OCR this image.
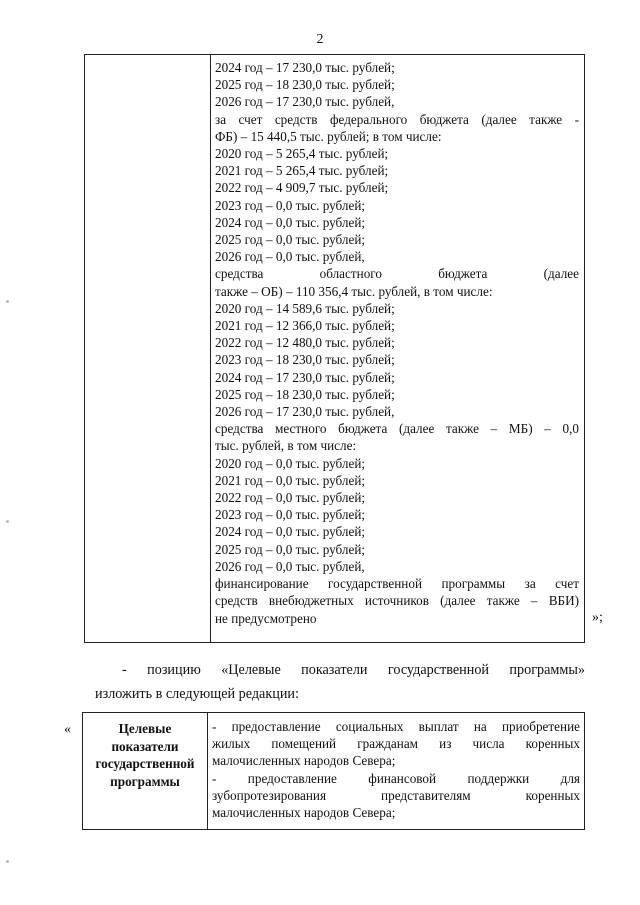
2
2024 год – 17 230,0 тыс. рублей;
2025 год – 18 230,0 тыс. рублей;
2026 год – 17 230,0 тыс. рублей,
за счет средств федерального бюджета (далее также -
ФБ) – 15 440,5 тыс. рублей; в том числе:
2020 год – 5 265,4 тыс. рублей;
2021 год – 5 265,4 тыс. рублей;
2022 год – 4 909,7 тыс. рублей;
2023 год – 0,0 тыс. рублей;
2024 год – 0,0 тыс. рублей;
2025 год – 0,0 тыс. рублей;
2026 год – 0,0 тыс. рублей,
средства областного бюджета (далее
также – ОБ) – 110 356,4 тыс. рублей, в том числе:
2020 год – 14 589,6 тыс. рублей;
2021 год – 12 366,0 тыс. рублей;
2022 год – 12 480,0 тыс. рублей;
2023 год – 18 230,0 тыс. рублей;
2024 год – 17 230,0 тыс. рублей;
2025 год – 18 230,0 тыс. рублей;
2026 год – 17 230,0 тыс. рублей,
средства местного бюджета (далее также – МБ) – 0,0
тыс. рублей, в том числе:
2020 год – 0,0 тыс. рублей;
2021 год – 0,0 тыс. рублей;
2022 год – 0,0 тыс. рублей;
2023 год – 0,0 тыс. рублей;
2024 год – 0,0 тыс. рублей;
2025 год – 0,0 тыс. рублей;
2026 год – 0,0 тыс. рублей,
финансирование государственной программы за счет
средств внебюджетных источников (далее также – ВБИ)
не предусмотрено	»;
- позицию «Целевые показатели государственной программы»
изложить в следующей редакции:
«	Целевые
показатели
государственной
программы
- предоставление социальных выплат на приобретение
жилых помещений гражданам из числа коренных
малочисленных народов Севера;
- предоставление финансовой поддержки для
зубопротезирования представителям коренных
малочисленных народов Севера;
